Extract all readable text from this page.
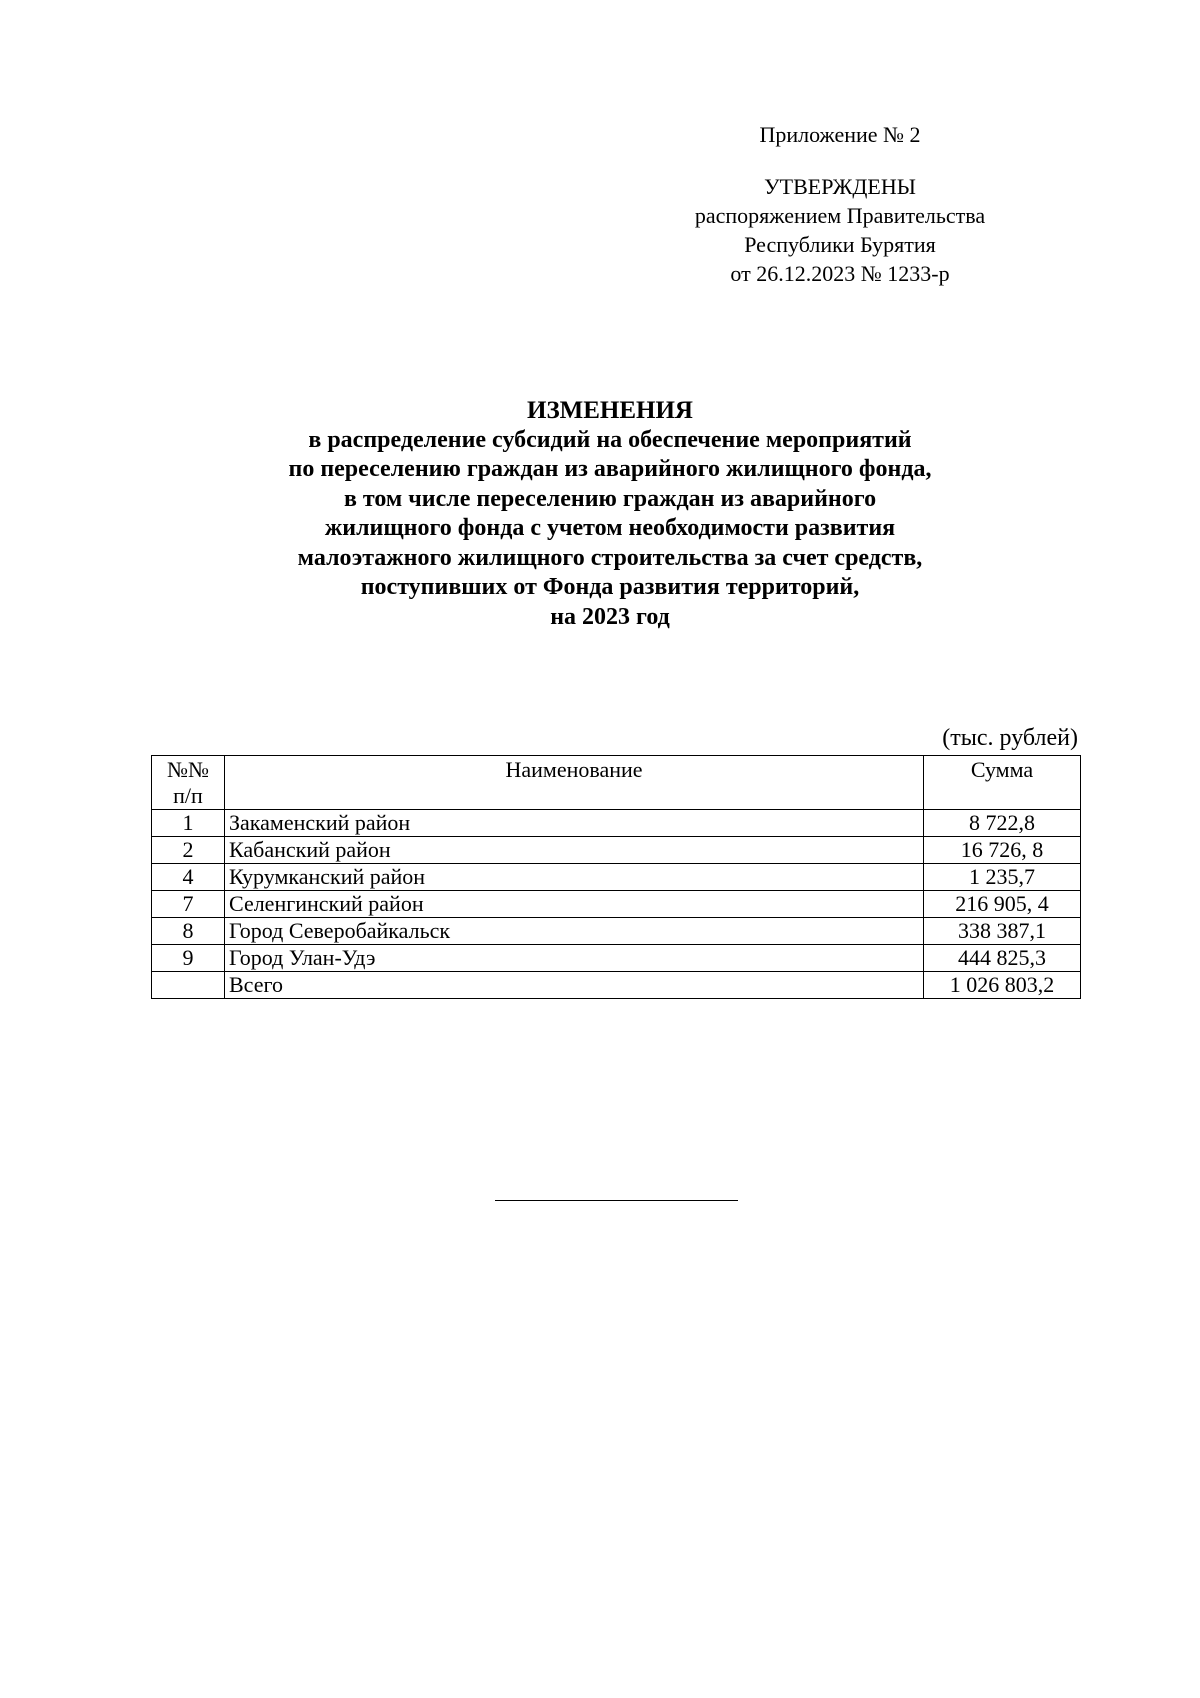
Приложение № 2
УТВЕРЖДЕНЫ
распоряжением Правительства
Республики Бурятия
от 26.12.2023 № 1233-р
ИЗМЕНЕНИЯ
в распределение субсидий на обеспечение мероприятий
по переселению граждан из аварийного жилищного фонда,
в том числе переселению граждан из аварийного
жилищного фонда с учетом необходимости развития
малоэтажного жилищного строительства за счет средств,
поступивших от Фонда развития территорий,
на 2023 год
(тыс. рублей)
№№
п/п	Наименование	Сумма
1	Закаменский район	8 722,8
2	Кабанский район	16 726, 8
4	Курумканский район	1 235,7
7	Селенгинский район	216 905, 4
8	Город Северобайкальск	338 387,1
9	Город Улан-Удэ	444 825,3
	Всего	1 026 803,2
